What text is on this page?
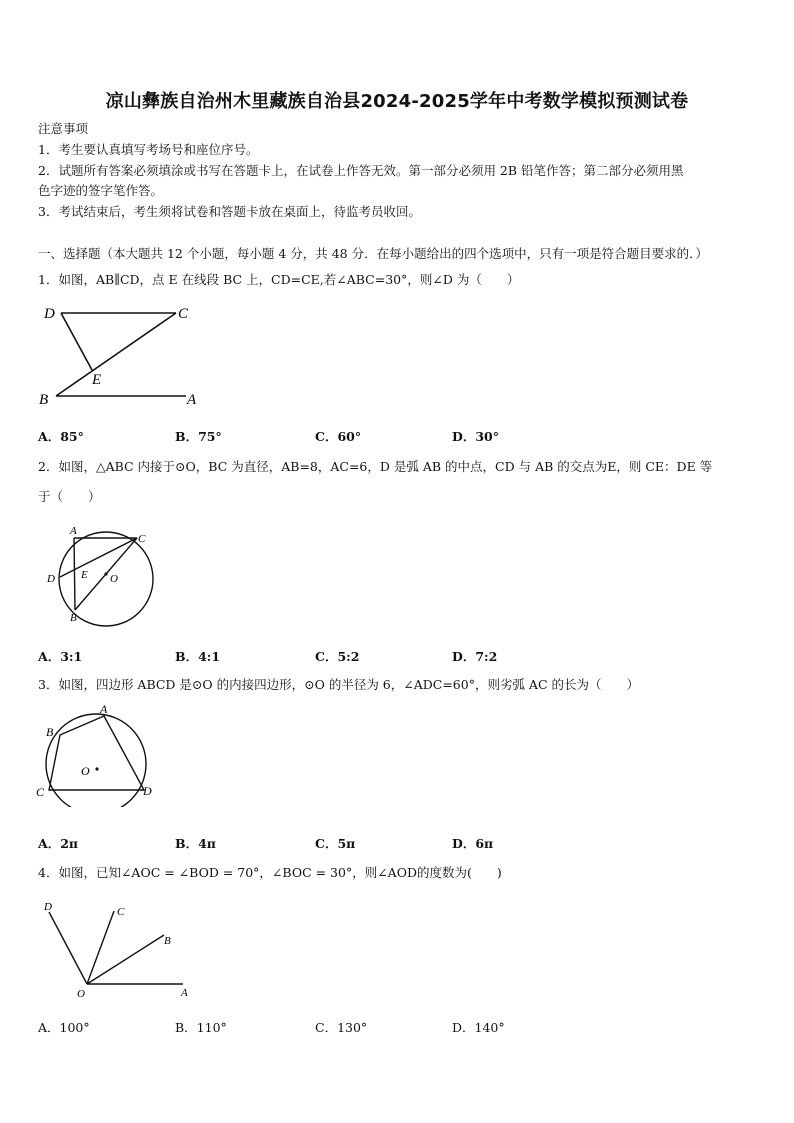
凉山彝族自治州木里藏族自治县2024-2025学年中考数学模拟预测试卷
注意事项
1．考生要认真填写考场号和座位序号。
2．试题所有答案必须填涂或书写在答题卡上，在试卷上作答无效。第一部分必须用 2B 铅笔作答；第二部分必须用黑
色字迹的签字笔作答。
3．考试结束后，考生须将试卷和答题卡放在桌面上，待监考员收回。
一、选择题（本大题共 12 个小题，每小题 4 分，共 48 分．在每小题给出的四个选项中，只有一项是符合题目要求的．）
1．如图，AB∥CD，点 E 在线段 BC 上，CD=CE,若∠ABC=30°，则∠D 为（　　）
D	C
E
B	A
A．85°	B．75°	C．60°	D．30°
2．如图，△ABC 内接于⊙O，BC 为直径，AB=8，AC=6，D 是弧 AB 的中点，CD 与 AB 的交点为E，则 CE：DE 等
于（　　）
A
C
D E O
B
A．3:1	B．4:1	C．5:2	D．7:2
3．如图，四边形 ABCD 是⊙O 的内接四边形，⊙O 的半径为 6，∠ADC=60°，则劣弧 AC 的长为（　　）
A
B
O
C	D
A．2π	B．4π	C．5π	D．6π
4．如图，已知∠AOC = ∠BOD = 70°，∠BOC = 30°，则∠AOD的度数为(　　)
D	C
B
O	A
A．100°	B．110°	C．130°	D．140°
